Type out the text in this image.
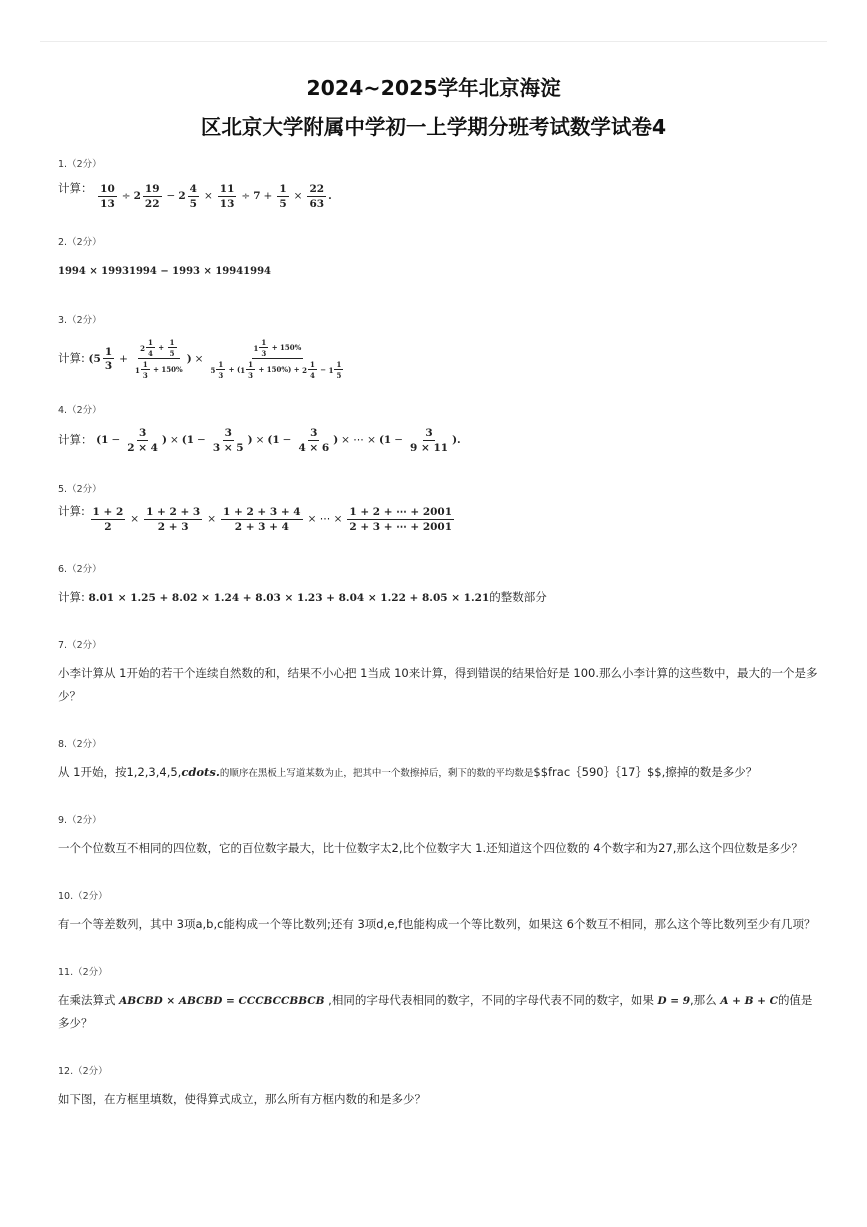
2024~2025学年北京海淀
区北京大学附属中学初一上学期分班考试数学试卷4
1.（2分）
计算： $\frac{10}{13} \div 2 \frac{19}{22} - 2 \frac{4}{5} \times \frac{11}{13} \div 7 + \frac{1}{5} \times \frac{22}{63}$ .
2.（2分）
1994 × 19931994 − 1993 × 19941994
3.（2分）
计算: ( $5 \frac{1}{3} + \frac{2 \frac{1}{4} + \frac{1}{5}}{1 \frac{1}{3} + 150\%}$ ) × $\frac{1 \frac{1}{3} + 150\%}{5 \frac{1}{3} + (1 \frac{1}{3} + 150\%) + 2 \frac{1}{4} - 1 \frac{1}{5}}$
4.（2分）
计算： ($1 - \frac{3}{2 \times 4}$ ) × ($1 - \frac{3}{3 \times 5}$ ) × ($1 - \frac{3}{4 \times 6}$ ) × ⋯ × ($1 - \frac{3}{9 \times 11}$ ).
5.（2分）
计算: $\frac{1 + 2}{2} \times \frac{1 + 2 + 3}{2 + 3} \times \frac{1 + 2 + 3 + 4}{2 + 3 + 4}$ × ⋯ × $\frac{1 + 2 + \cdots + 2001}{2 + 3 + \cdots + 2001}$
6.（2分）
计算: 8.01 × 1.25 + 8.02 × 1.24 + 8.03 × 1.23 + 8.04 × 1.22 + 8.05 × 1.21的整数部分
7.（2分）
小李计算从 1开始的若干个连续自然数的和，结果不小心把 1当成 10来计算，得到错误的结果恰好是 100.那么小李计算的这些数中，最大的一个是多
少？
8.（2分）
从 1开始，按1,2,3,4,5,cdots.的顺序在黑板上写道某数为止，把其中一个数擦掉后，剩下的数的平均数是$$frac｛590｝｛17｝$$,擦掉的数是多少？
9.（2分）
一个个位数互不相同的四位数，它的百位数字最大，比十位数字太2,比个位数字大 1.还知道这个四位数的 4个数字和为27,那么这个四位数是多少？
10.（2分）
有一个等差数列，其中 3项a,b,c能构成一个等比数列;还有 3项d,e,f也能构成一个等比数列，如果这 6个数互不相同，那么这个等比数列至少有几项？
11.（2分）
在乘法算式 ABCBD × ABCBD = CCCBCCBBCB ,相同的字母代表相同的数字，不同的字母代表不同的数字，如果 D = 9,那么 A + B + C的值是
多少？
12.（2分）
如下图，在方框里填数，使得算式成立，那么所有方框内数的和是多少？
